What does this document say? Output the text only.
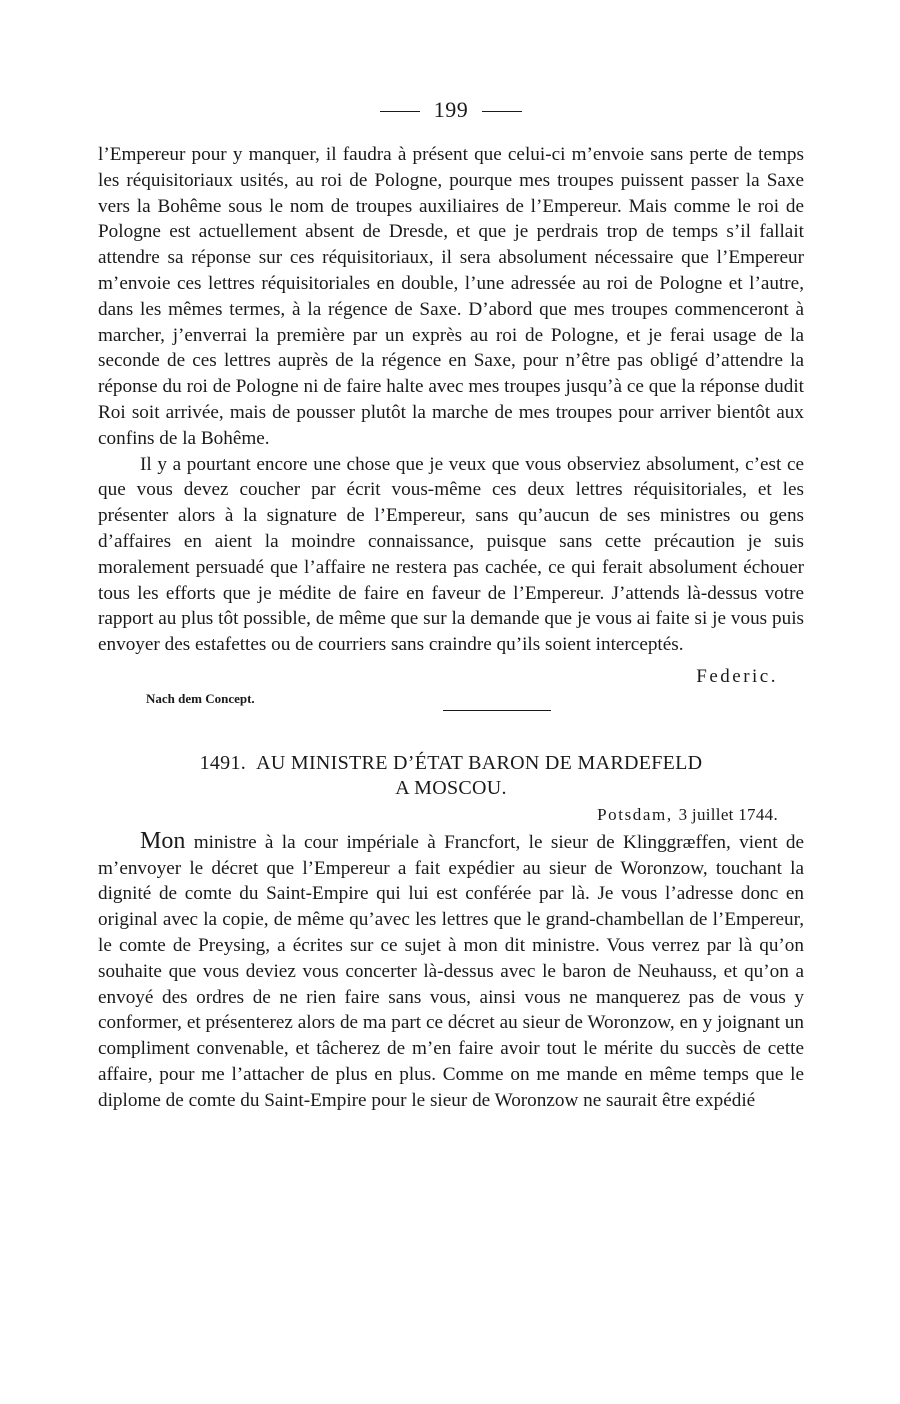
199

l’Empereur pour y manquer, il faudra à présent que celui-ci m’envoie sans perte de temps les réquisitoriaux usités, au roi de Pologne, pourque mes troupes puissent passer la Saxe vers la Bohême sous le nom de troupes auxiliaires de l’Empereur. Mais comme le roi de Pologne est actuellement absent de Dresde, et que je perdrais trop de temps s’il fallait attendre sa réponse sur ces réquisitoriaux, il sera absolument nécessaire que l’Empereur m’envoie ces lettres réquisitoriales en double, l’une adressée au roi de Pologne et l’autre, dans les mêmes termes, à la régence de Saxe. D’abord que mes troupes commenceront à marcher, j’enverrai la première par un exprès au roi de Pologne, et je ferai usage de la seconde de ces lettres auprès de la régence en Saxe, pour n’être pas obligé d’attendre la réponse du roi de Pologne ni de faire halte avec mes troupes jusqu’à ce que la réponse dudit Roi soit arrivée, mais de pousser plutôt la marche de mes troupes pour arriver bientôt aux confins de la Bohême.

Il y a pourtant encore une chose que je veux que vous observiez absolument, c’est ce que vous devez coucher par écrit vous-même ces deux lettres réquisitoriales, et les présenter alors à la signature de l’Empereur, sans qu’aucun de ses ministres ou gens d’affaires en aient la moindre connaissance, puisque sans cette précaution je suis moralement persuadé que l’affaire ne restera pas cachée, ce qui ferait absolument échouer tous les efforts que je médite de faire en faveur de l’Empereur. J’attends là-dessus votre rapport au plus tôt possible, de même que sur la demande que je vous ai faite si je vous puis envoyer des estafettes ou de courriers sans craindre qu’ils soient interceptés.
Federic.

Nach dem Concept.
1491. AU MINISTRE D’ÉTAT BARON DE MARDEFELD
A MOSCOU.
Potsdam, 3 juillet 1744.

Mon ministre à la cour impériale à Francfort, le sieur de Klinggræffen, vient de m’envoyer le décret que l’Empereur a fait expédier au sieur de Woronzow, touchant la dignité de comte du Saint-Empire qui lui est conférée par là. Je vous l’adresse donc en original avec la copie, de même qu’avec les lettres que le grand-chambellan de l’Empereur, le comte de Preysing, a écrites sur ce sujet à mon dit ministre. Vous verrez par là qu’on souhaite que vous deviez vous concerter là-dessus avec le baron de Neuhauss, et qu’on a envoyé des ordres de ne rien faire sans vous, ainsi vous ne manquerez pas de vous y conformer, et présenterez alors de ma part ce décret au sieur de Woronzow, en y joignant un compliment convenable, et tâcherez de m’en faire avoir tout le mérite du succès de cette affaire, pour me l’attacher de plus en plus. Comme on me mande en même temps que le diplome de comte du Saint-Empire pour le sieur de Woronzow ne saurait être expédié
